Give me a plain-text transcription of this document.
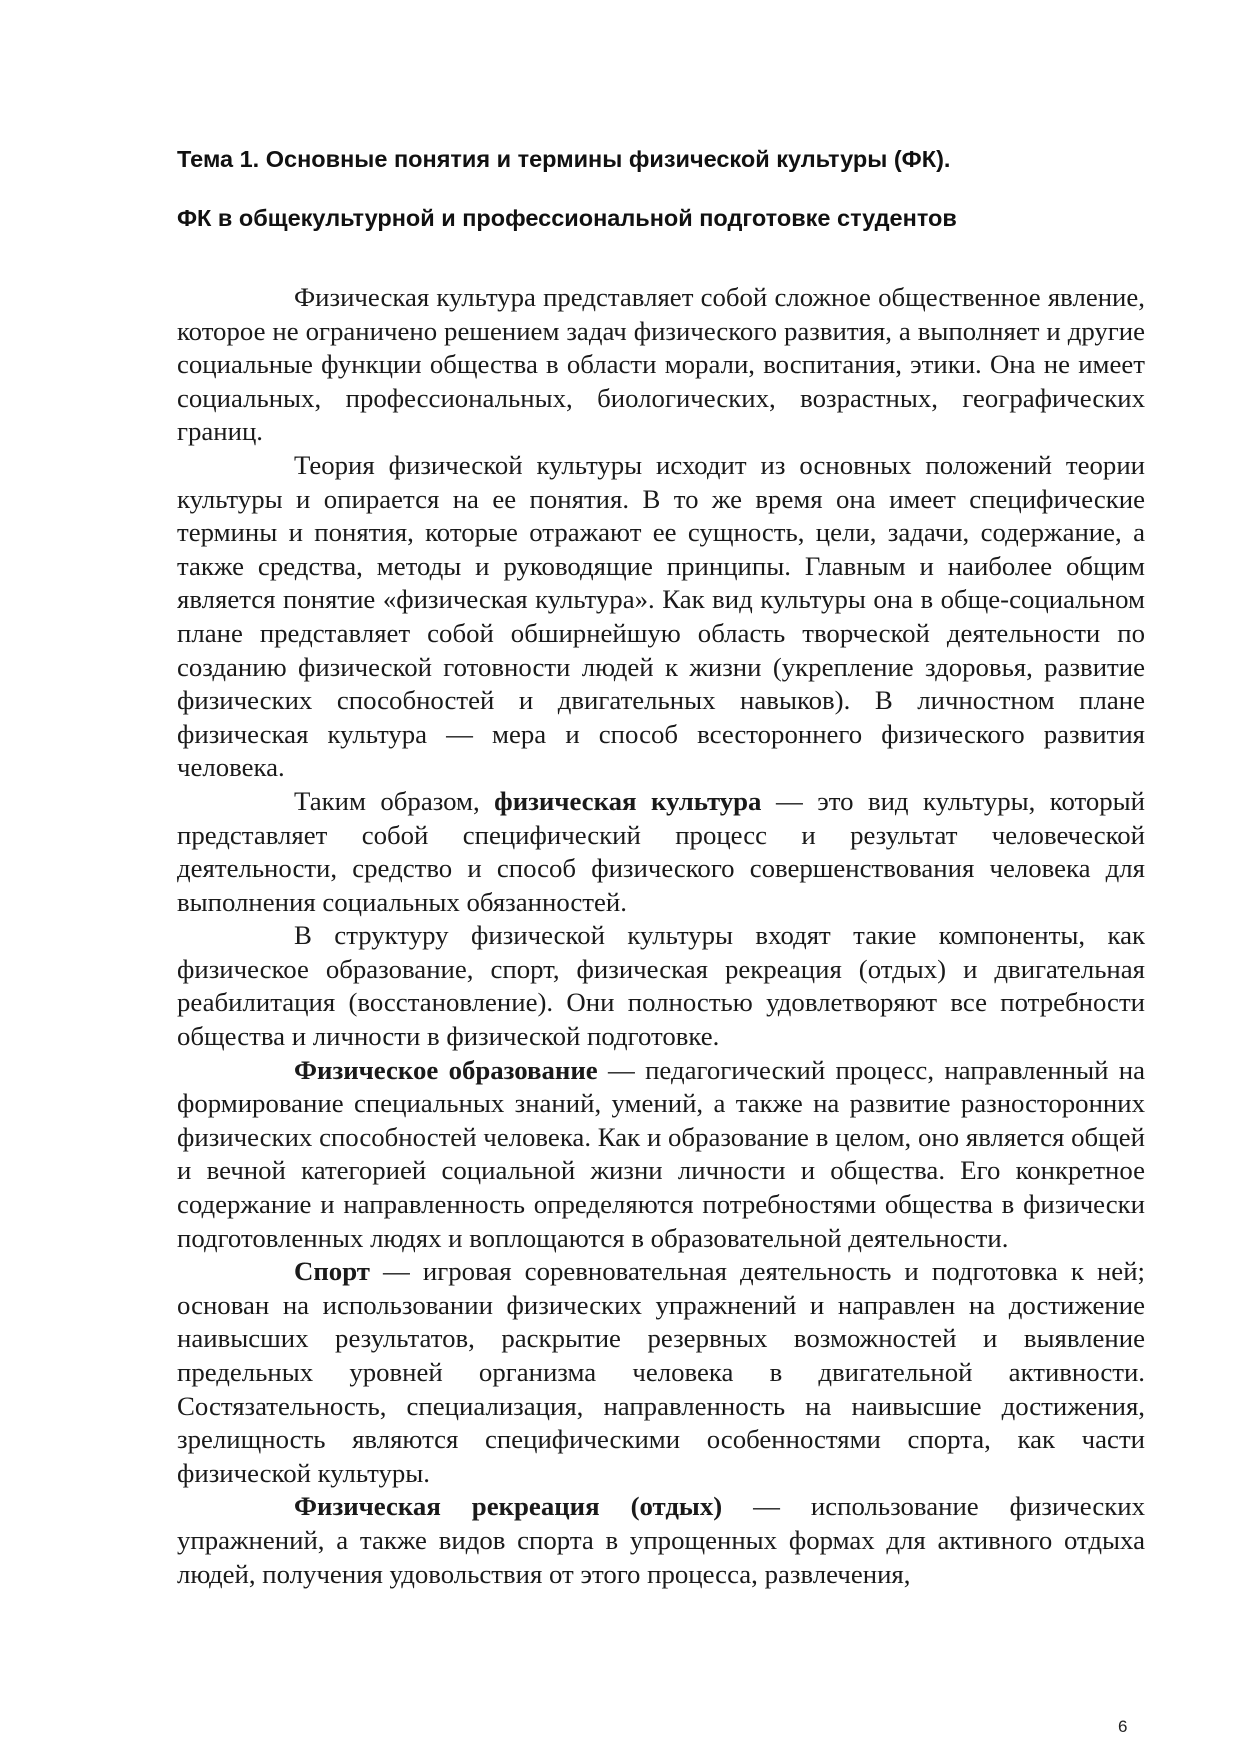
Тема 1. Основные понятия и термины физической культуры (ФК).
ФК в общекультурной и профессиональной подготовке студентов

Физическая культура представляет собой сложное общественное явление, которое не ограничено решением задач физического развития, а выполняет и другие социальные функции общества в области морали, воспитания, этики. Она не имеет социальных, профессиональных, биологических, возрастных, географических границ.

Теория физической культуры исходит из основных положений теории культуры и опирается на ее понятия. В то же время она имеет специфические термины и понятия, которые отражают ее сущность, цели, задачи, содержание, а также средства, методы и руководящие принципы. Главным и наиболее общим является понятие «физическая культура». Как вид культуры она в обще-социальном плане представляет собой обширнейшую область творческой деятельности по созданию физической готовности людей к жизни (укрепление здоровья, развитие физических способностей и двигательных навыков). В личностном плане физическая культура — мера и способ всестороннего физического развития человека.

Таким образом, физическая культура — это вид культуры, который представляет собой специфический процесс и результат человеческой деятельности, средство и способ физического совершенствования человека для выполнения социальных обязанностей.

В структуру физической культуры входят такие компоненты, как физическое образование, спорт, физическая рекреация (отдых) и двигательная реабилитация (восстановление). Они полностью удовлетворяют все потребности общества и личности в физической подготовке.

Физическое образование — педагогический процесс, направленный на формирование специальных знаний, умений, а также на развитие разносторонних физических способностей человека. Как и образование в целом, оно является общей и вечной категорией социальной жизни личности и общества. Его конкретное содержание и направленность определяются потребностями общества в физически подготовленных людях и воплощаются в образовательной деятельности.

Спорт — игровая соревновательная деятельность и подготовка к ней; основан на использовании физических упражнений и направлен на достижение наивысших результатов, раскрытие резервных возможностей и выявление предельных уровней организма человека в двигательной активности. Состязательность, специализация, направленность на наивысшие достижения, зрелищность являются специфическими особенностями спорта, как части физической культуры.

Физическая рекреация (отдых) — использование физических упражнений, а также видов спорта в упрощенных формах для активного отдыха людей, получения удовольствия от этого процесса, развлечения,

6
